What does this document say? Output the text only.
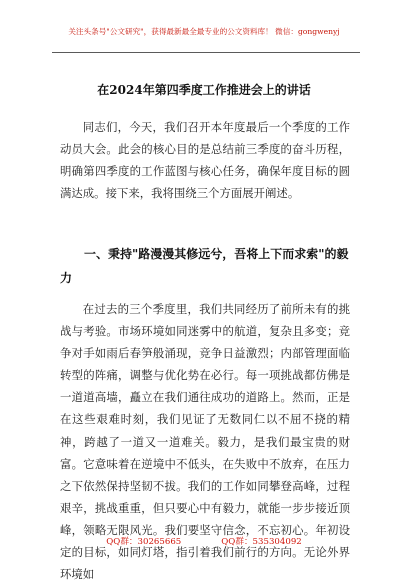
关注头条号"公文研究"，获得最新最全最专业的公文资料库！ 微信：gongwenyj
在2024年第四季度工作推进会上的讲话

同志们，今天，我们召开本年度最后一个季度的工作动员大会。此会的核心目的是总结前三季度的奋斗历程，明确第四季度的工作蓝图与核心任务，确保年度目标的圆满达成。接下来，我将围绕三个方面展开阐述。

一、秉持"路漫漫其修远兮，吾将上下而求索"的毅力

在过去的三个季度里，我们共同经历了前所未有的挑战与考验。市场环境如同迷雾中的航道，复杂且多变；竞争对手如雨后春笋般涌现，竞争日益激烈；内部管理面临转型的阵痛，调整与优化势在必行。每一项挑战都仿佛是一道道高墙，矗立在我们通往成功的道路上。然而，正是在这些艰难时刻，我们见证了无数同仁以不屈不挠的精神，跨越了一道又一道难关。毅力，是我们最宝贵的财富。它意味着在逆境中不低头，在失败中不放弃，在压力之下依然保持坚韧不拔。我们的工作如同攀登高峰，过程艰辛，挑战重重，但只要心中有毅力，就能一步步接近顶峰，领略无限风光。我们要坚守信念，不忘初心。年初设定的目标，如同灯塔，指引着我们前行的方向。无论外界环境如

QQ群：30265665	QQ群：535304092
